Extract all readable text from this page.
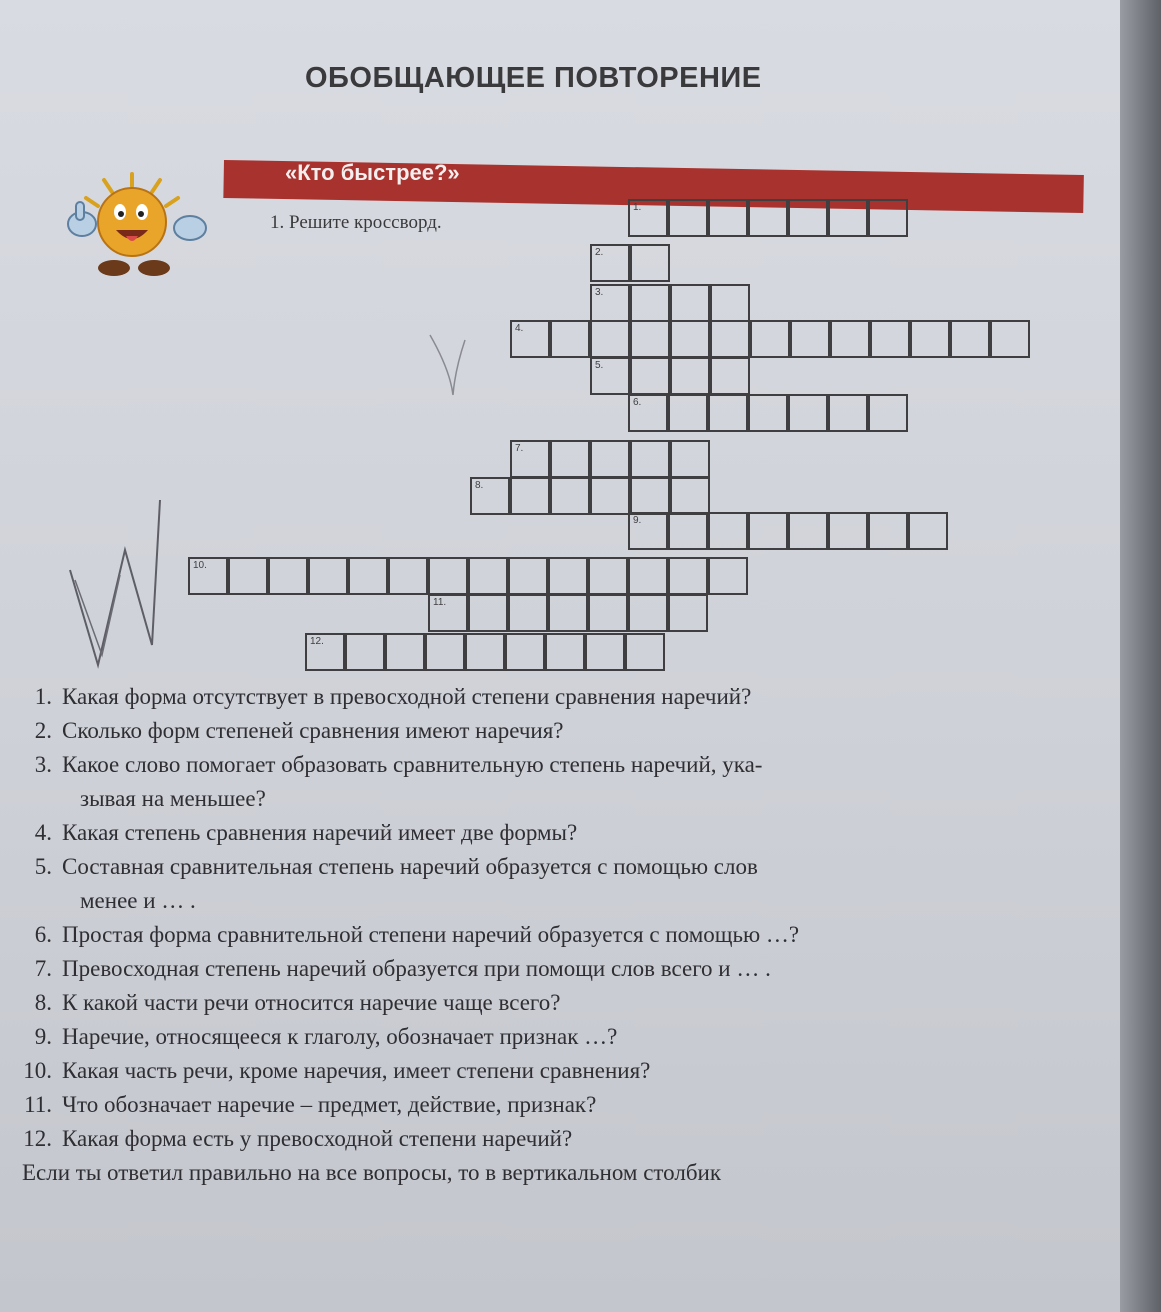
ОБОБЩАЮЩЕЕ ПОВТОРЕНИЕ
«Кто быстрее?»
1. Решите кроссворд.
1.
2.
3.
4.
5.
6.
7.
8.
9.
10.
11.
12.
1. Какая форма отсутствует в превосходной степени сравнения наречий?
2. Сколько форм степеней сравнения имеют наречия?
3. Какое слово помогает образовать сравнительную степень наречий, ука-
зывая на меньшее?
4. Какая степень сравнения наречий имеет две формы?
5. Составная сравнительная степень наречий образуется с помощью слов
менее и … .
6. Простая форма сравнительной степени наречий образуется с помощью …?
7. Превосходная степень наречий образуется при помощи слов всего и … .
8. К какой части речи относится наречие чаще всего?
9. Наречие, относящееся к глаголу, обозначает признак …?
10. Какая часть речи, кроме наречия, имеет степени сравнения?
11. Что обозначает наречие – предмет, действие, признак?
12. Какая форма есть у превосходной степени наречий?
Если ты ответил правильно на все вопросы, то в вертикальном столбик
